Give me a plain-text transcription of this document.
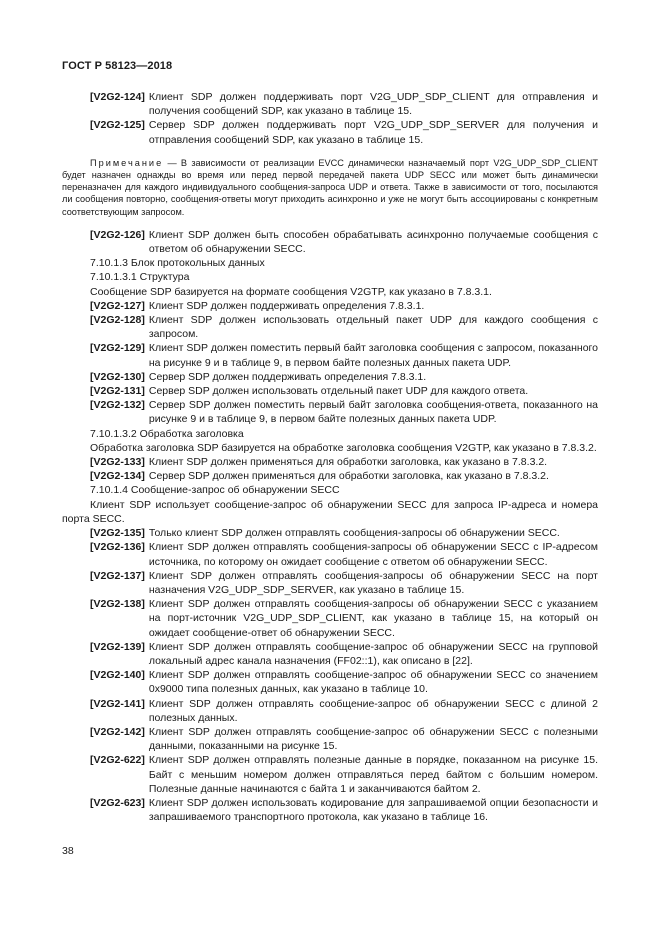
ГОСТ Р 58123—2018
[V2G2-124] Клиент SDP должен поддерживать порт V2G_UDP_SDP_CLIENT для отправления и получения сообщений SDP, как указано в таблице 15.
[V2G2-125] Сервер SDP должен поддерживать порт V2G_UDP_SDP_SERVER для получения и отправления сообщений SDP, как указано в таблице 15.

Примечание — В зависимости от реализации EVCC динамически назначаемый порт V2G_UDP_SDP_CLIENT будет назначен однажды во время или перед первой передачей пакета UDP SECC или может быть динамически переназначен для каждого индивидуального сообщения-запроса UDP и ответа. Также в зависимости от того, посылаются ли сообщения повторно, сообщения-ответы могут приходить асинхронно и уже не могут быть ассоциированы с конкретным соответствующим запросом.

[V2G2-126] Клиент SDP должен быть способен обрабатывать асинхронно получаемые сообщения с ответом об обнаружении SECC.

7.10.1.3 Блок протокольных данных

7.10.1.3.1 Структура

Сообщение SDP базируется на формате сообщения V2GTP, как указано в 7.8.3.1.

[V2G2-127] Клиент SDP должен поддерживать определения 7.8.3.1.
[V2G2-128] Клиент SDP должен использовать отдельный пакет UDP для каждого сообщения с запросом.
[V2G2-129] Клиент SDP должен поместить первый байт заголовка сообщения с запросом, показанного на рисунке 9 и в таблице 9, в первом байте полезных данных пакета UDP.
[V2G2-130] Сервер SDP должен поддерживать определения 7.8.3.1.
[V2G2-131] Сервер SDP должен использовать отдельный пакет UDP для каждого ответа.
[V2G2-132] Сервер SDP должен поместить первый байт заголовка сообщения-ответа, показанного на рисунке 9 и в таблице 9, в первом байте полезных данных пакета UDP.

7.10.1.3.2 Обработка заголовка

Обработка заголовка SDP базируется на обработке заголовка сообщения V2GTP, как указано в 7.8.3.2.

[V2G2-133] Клиент SDP должен применяться для обработки заголовка, как указано в 7.8.3.2.
[V2G2-134] Сервер SDP должен применяться для обработки заголовка, как указано в 7.8.3.2.

7.10.1.4 Сообщение-запрос об обнаружении SECC

Клиент SDP использует сообщение-запрос об обнаружении SECC для запроса IP-адреса и номера порта SECC.

[V2G2-135] Только клиент SDP должен отправлять сообщения-запросы об обнаружении SECC.
[V2G2-136] Клиент SDP должен отправлять сообщения-запросы об обнаружении SECC с IP-адресом источника, по которому он ожидает сообщение с ответом об обнаружении SECC.
[V2G2-137] Клиент SDP должен отправлять сообщения-запросы об обнаружении SECC на порт назначения V2G_UDP_SDP_SERVER, как указано в таблице 15.
[V2G2-138] Клиент SDP должен отправлять сообщения-запросы об обнаружении SECC с указанием на порт-источник V2G_UDP_SDP_CLIENT, как указано в таблице 15, на который он ожидает сообщение-ответ об обнаружении SECC.
[V2G2-139] Клиент SDP должен отправлять сообщение-запрос об обнаружении SECC на групповой локальный адрес канала назначения (FF02::1), как описано в [22].
[V2G2-140] Клиент SDP должен отправлять сообщение-запрос об обнаружении SECC со значением 0x9000 типа полезных данных, как указано в таблице 10.
[V2G2-141] Клиент SDP должен отправлять сообщение-запрос об обнаружении SECC с длиной 2 полезных данных.
[V2G2-142] Клиент SDP должен отправлять сообщение-запрос об обнаружении SECC с полезными данными, показанными на рисунке 15.
[V2G2-622] Клиент SDP должен отправлять полезные данные в порядке, показанном на рисунке 15. Байт с меньшим номером должен отправляться перед байтом с большим номером. Полезные данные начинаются с байта 1 и заканчиваются байтом 2.
[V2G2-623] Клиент SDP должен использовать кодирование для запрашиваемой опции безопасности и запрашиваемого транспортного протокола, как указано в таблице 16.
38
